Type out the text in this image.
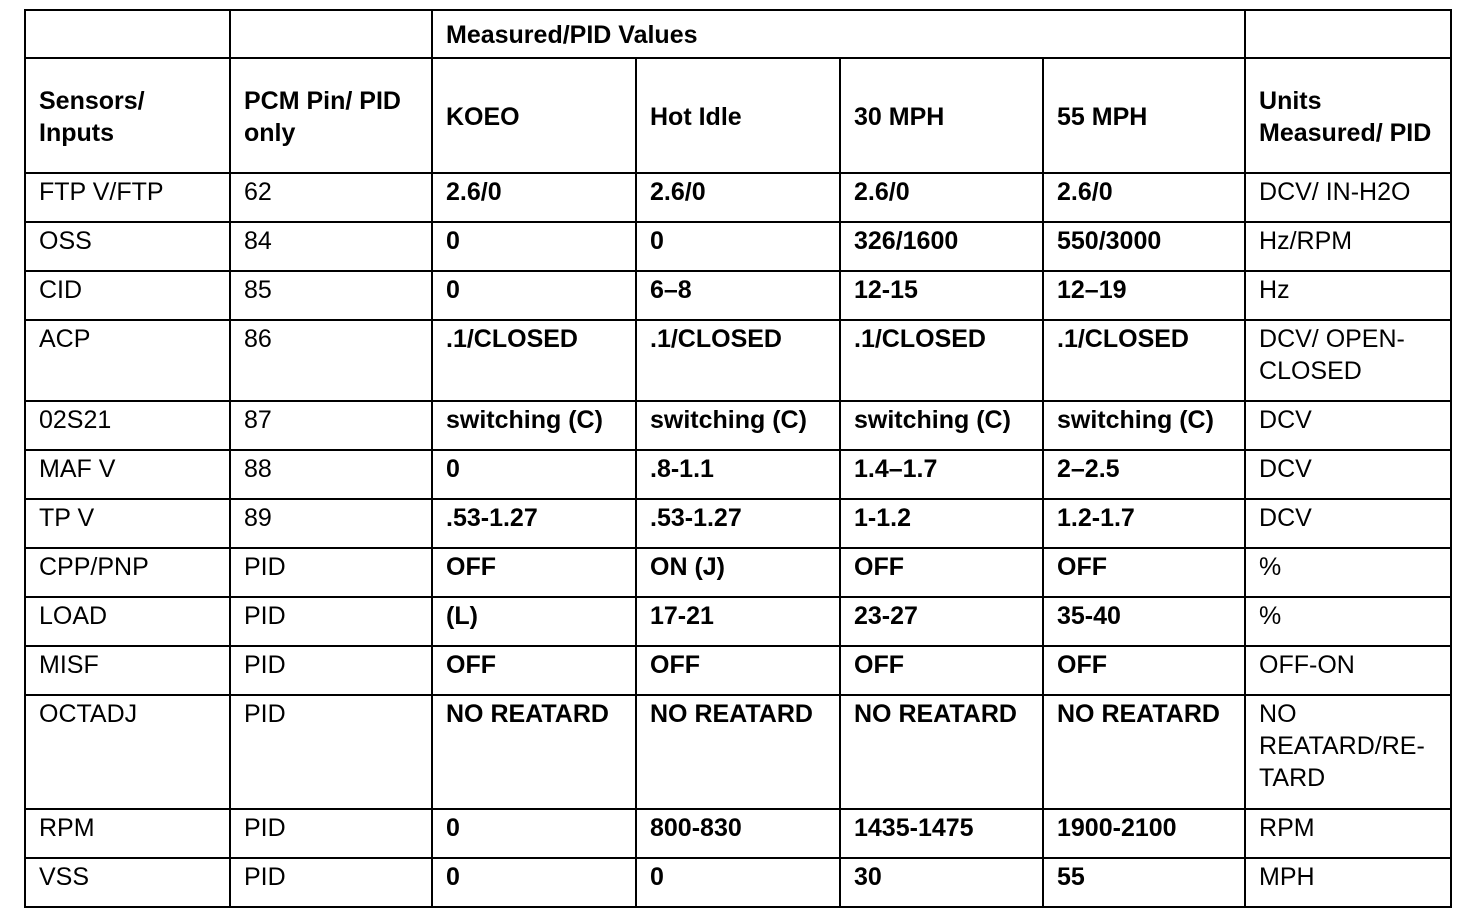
		Measured/PID Values				
Sensors/ Inputs	PCM Pin/ PID only	KOEO	Hot Idle	30 MPH	55 MPH	Units Measured/ PID
FTP V/FTP	62	2.6/0	2.6/0	2.6/0	2.6/0	DCV/ IN-H2O
OSS	84	0	0	326/1600	550/3000	Hz/RPM
CID	85	0	6–8	12-15	12–19	Hz
ACP	86	.1/CLOSED	.1/CLOSED	.1/CLOSED	.1/CLOSED	DCV/ OPEN-CLOSED
02S21	87	switching (C)	switching (C)	switching (C)	switching (C)	DCV
MAF V	88	0	.8-1.1	1.4–1.7	2–2.5	DCV
TP V	89	.53-1.27	.53-1.27	1-1.2	1.2-1.7	DCV
CPP/PNP	PID	OFF	ON (J)	OFF	OFF	%
LOAD	PID	(L)	17-21	23-27	35-40	%
MISF	PID	OFF	OFF	OFF	OFF	OFF-ON
OCTADJ	PID	NO REATARD	NO REATARD	NO REATARD	NO REATARD	NO REATARD/RE-TARD
RPM	PID	0	800-830	1435-1475	1900-2100	RPM
VSS	PID	0	0	30	55	MPH
